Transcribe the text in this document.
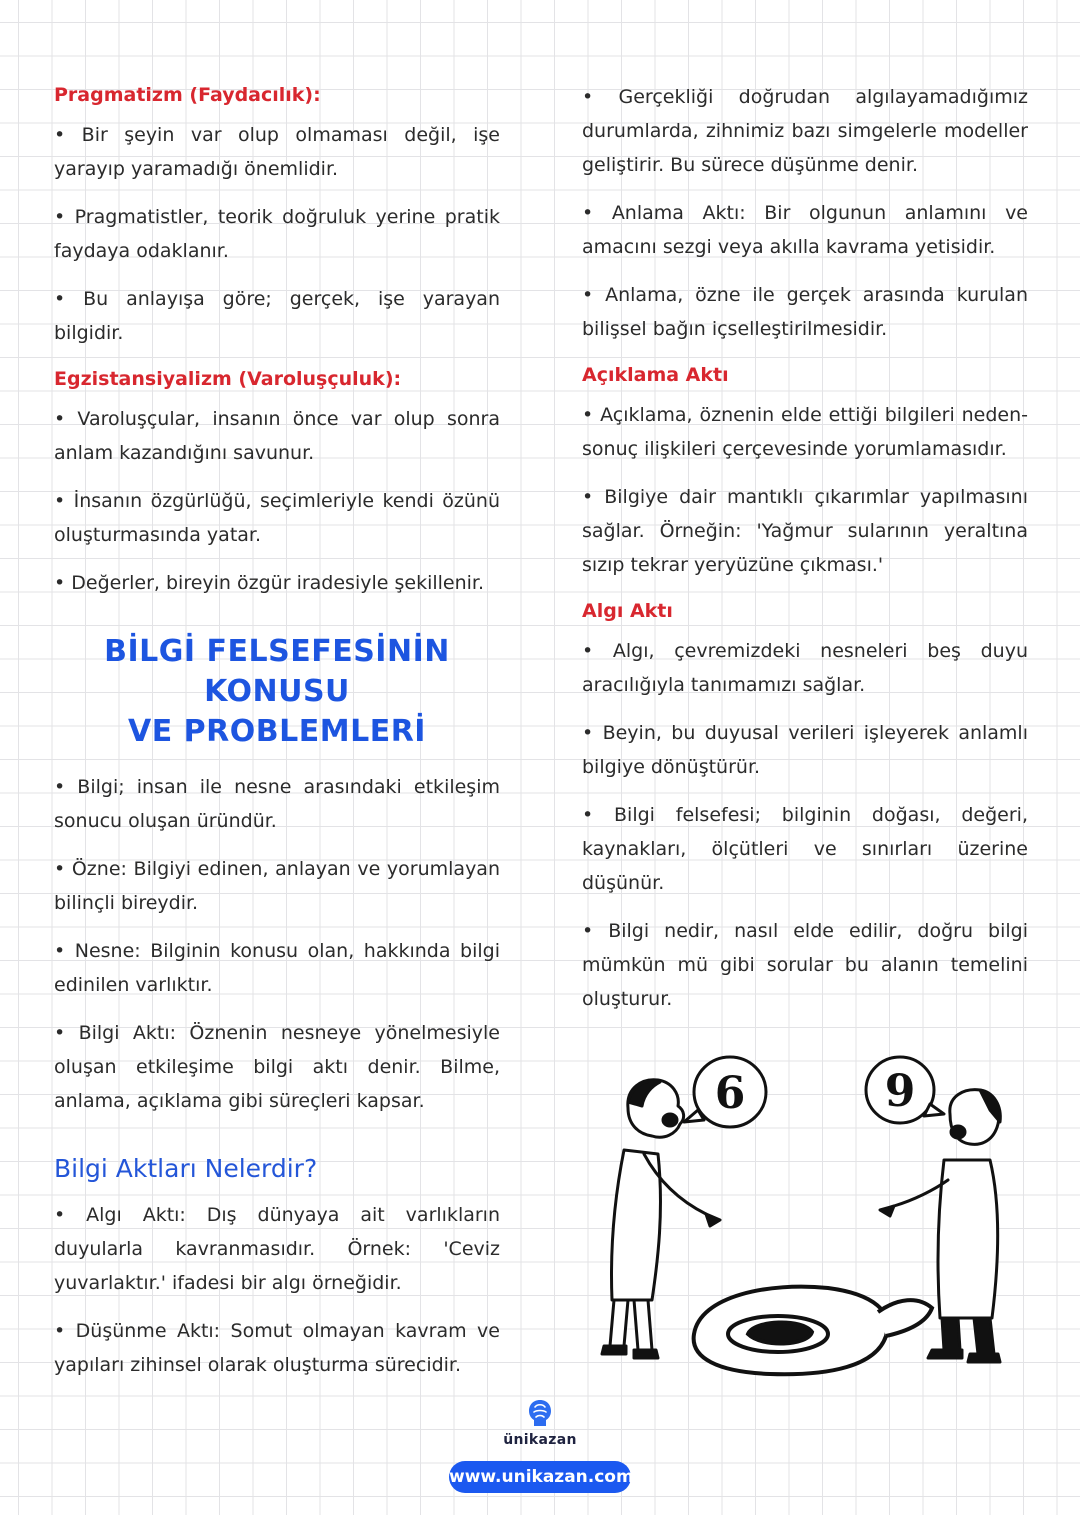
Pragmatizm (Faydacılık):
• Bir şeyin var olup olmaması değil, işe yarayıp yaramadığı önemlidir.
• Pragmatistler, teorik doğruluk yerine pratik faydaya odaklanır.
• Bu anlayışa göre; gerçek, işe yarayan bilgidir.
Egzistansiyalizm (Varoluşçuluk):
• Varoluşçular, insanın önce var olup sonra anlam kazandığını savunur.
• İnsanın özgürlüğü, seçimleriyle kendi özünü oluşturmasında yatar.
• Değerler, bireyin özgür iradesiyle şekillenir.
BİLGİ FELSEFESİNİN KONUSU
VE PROBLEMLERİ
• Bilgi; insan ile nesne arasındaki etkileşim sonucu oluşan üründür.
• Özne: Bilgiyi edinen, anlayan ve yorumlayan bilinçli bireydir.
• Nesne: Bilginin konusu olan, hakkında bilgi edinilen varlıktır.
• Bilgi Aktı: Öznenin nesneye yönelmesiyle oluşan etkileşime bilgi aktı denir. Bilme, anlama, açıklama gibi süreçleri kapsar.
Bilgi Aktları Nelerdir?
• Algı Aktı: Dış dünyaya ait varlıkların duyularla kavranmasıdır. Örnek: 'Ceviz yuvarlaktır.' ifadesi bir algı örneğidir.
• Düşünme Aktı: Somut olmayan kavram ve yapıları zihinsel olarak oluşturma sürecidir.
• Gerçekliği doğrudan algılayamadığımız durumlarda, zihnimiz bazı simgelerle modeller geliştirir. Bu sürece düşünme denir.
• Anlama Aktı: Bir olgunun anlamını ve amacını sezgi veya akılla kavrama yetisidir.
• Anlama, özne ile gerçek arasında kurulan bilişsel bağın içselleştirilmesidir.
Açıklama Aktı
• Açıklama, öznenin elde ettiği bilgileri neden-sonuç ilişkileri çerçevesinde yorumlamasıdır.
• Bilgiye dair mantıklı çıkarımlar yapılmasını sağlar. Örneğin: 'Yağmur sularının yeraltına sızıp tekrar yeryüzüne çıkması.'
Algı Aktı
• Algı, çevremizdeki nesneleri beş duyu aracılığıyla tanımamızı sağlar.
• Beyin, bu duyusal verileri işleyerek anlamlı bilgiye dönüştürür.
• Bilgi felsefesi; bilginin doğası, değeri, kaynakları, ölçütleri ve sınırları üzerine düşünür.
• Bilgi nedir, nasıl elde edilir, doğru bilgi mümkün mü gibi sorular bu alanın temelini oluşturur.
6	9
ünikazan
www.unikazan.com
